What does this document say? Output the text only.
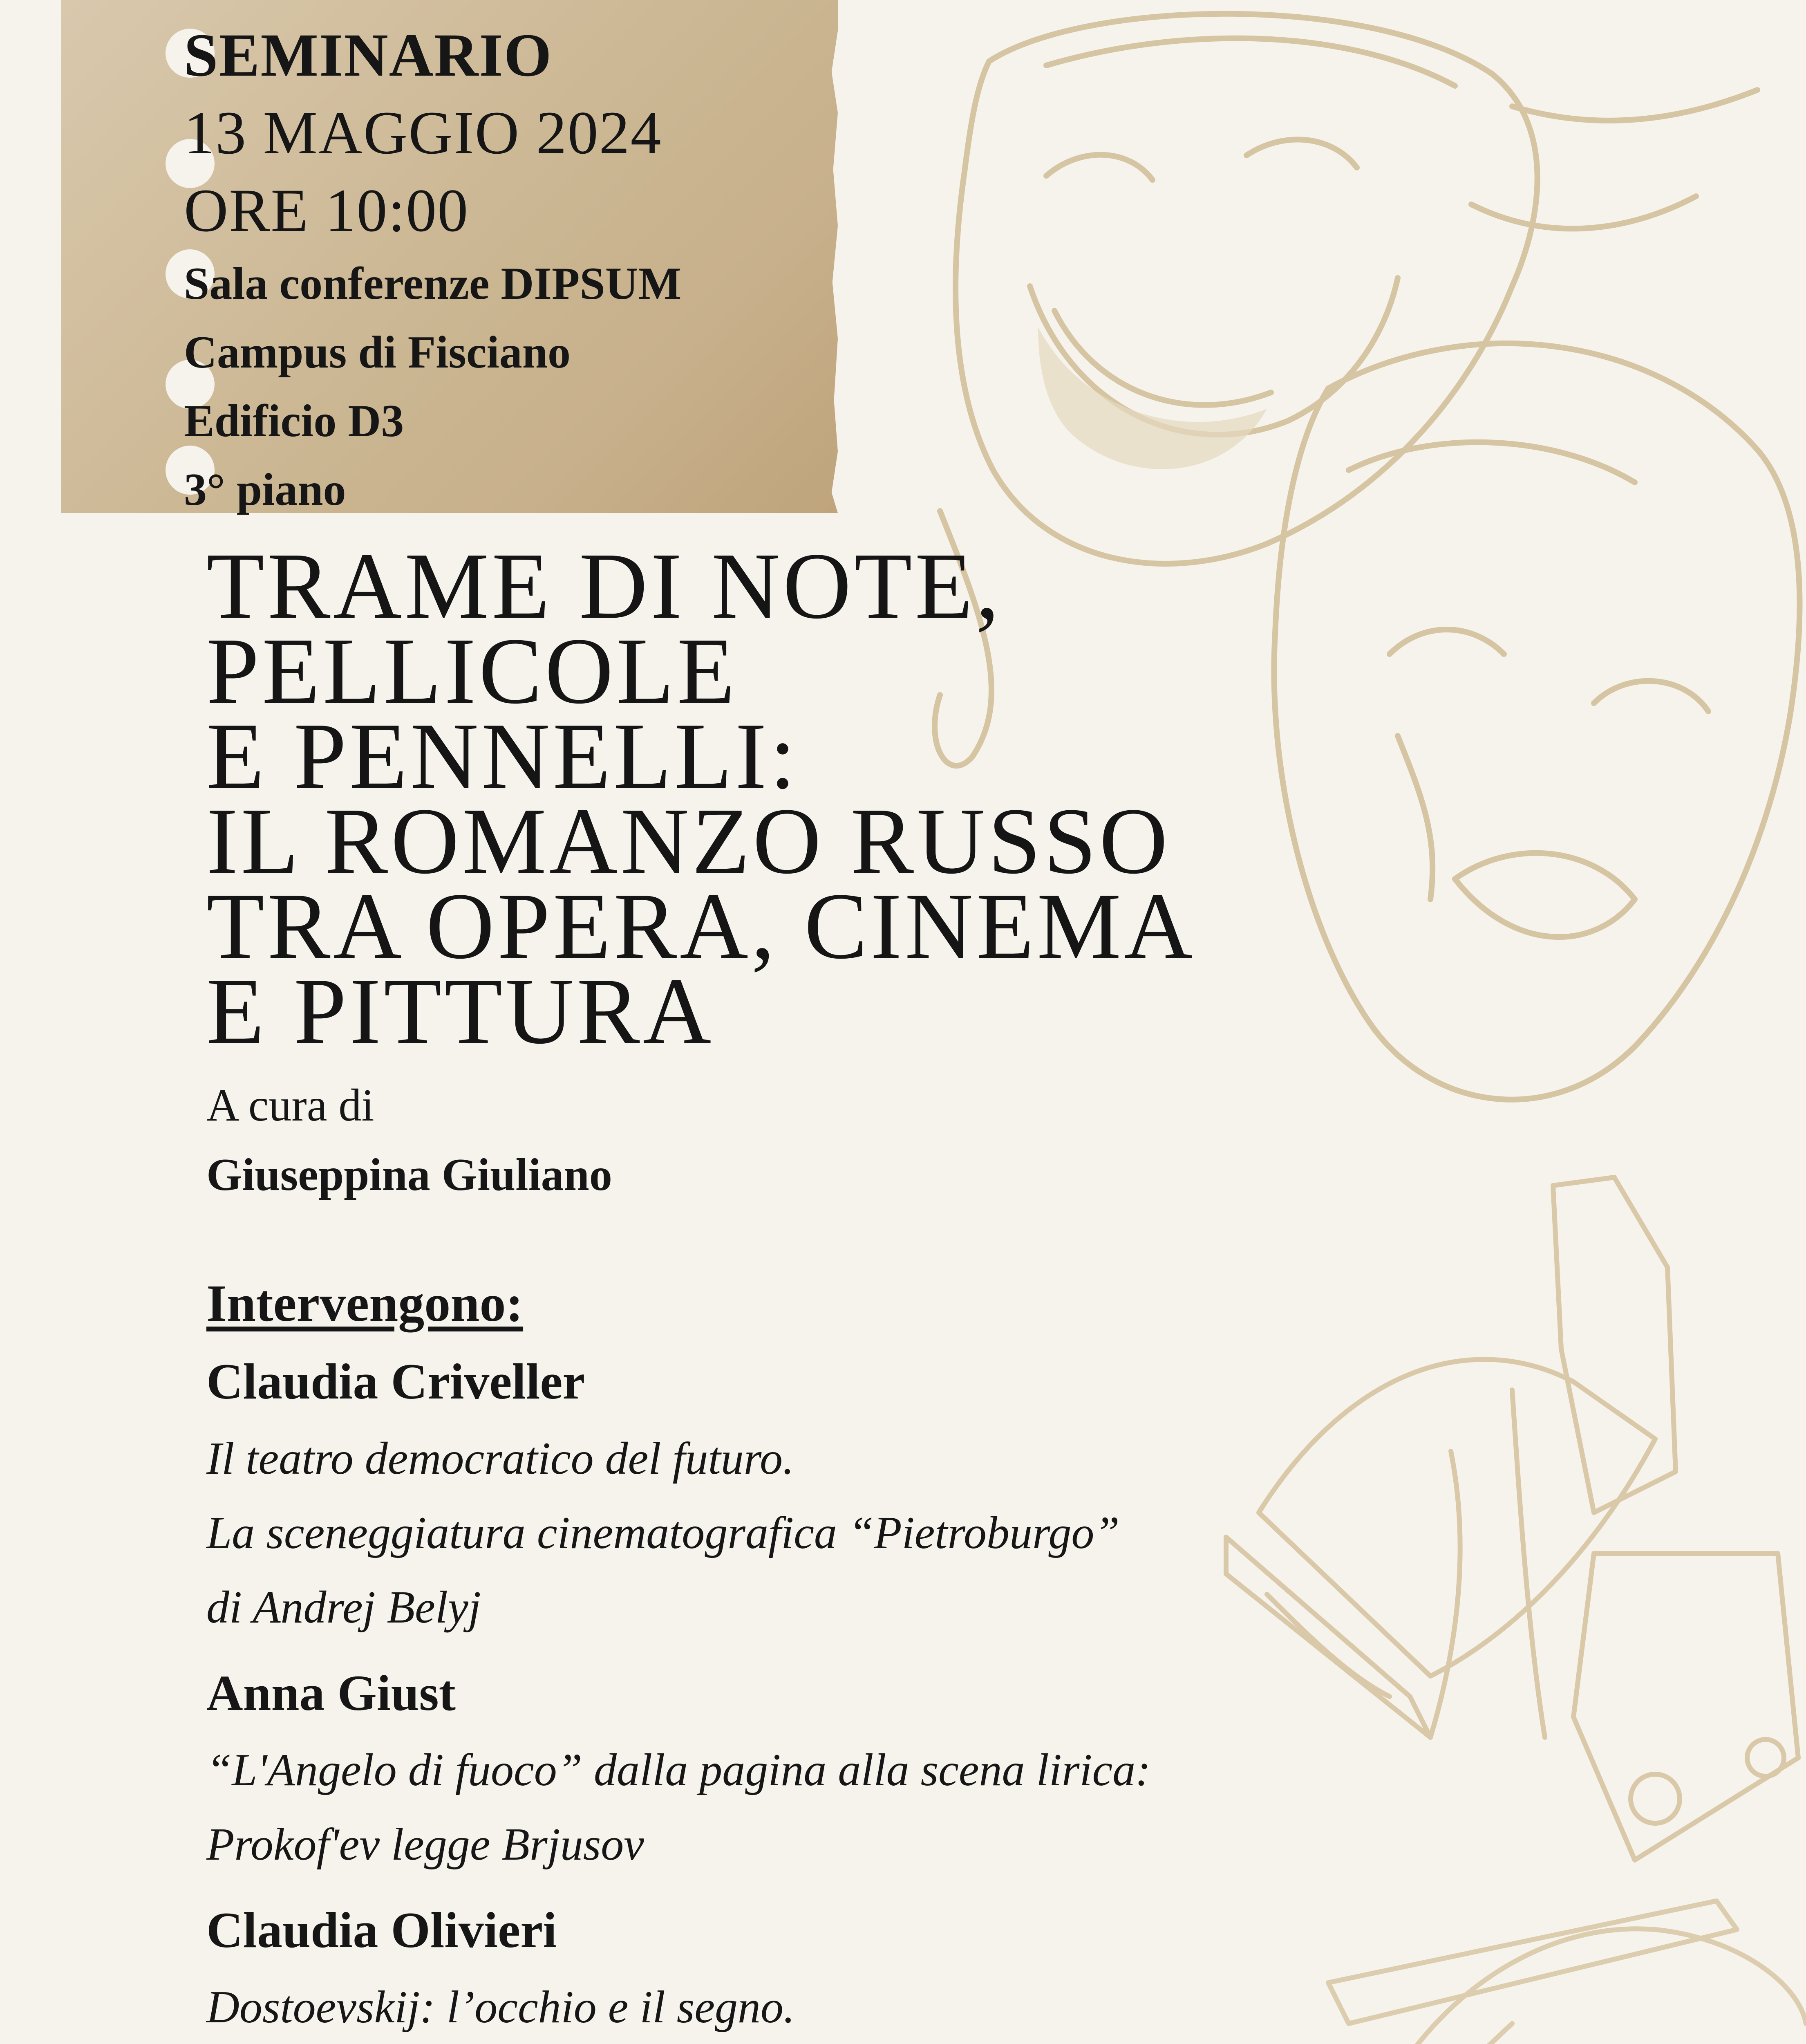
SEMINARIO
13 MAGGIO 2024
ORE 10:00
Sala conferenze DIPSUM
Campus di Fisciano
Edificio D3
3° piano
TRAME DI NOTE,
PELLICOLE
E PENNELLI:
IL ROMANZO RUSSO
TRA OPERA, CINEMA
E PITTURA
A cura di
Giuseppina Giuliano
Intervengono:
Claudia Criveller
Il teatro democratico del futuro.
La sceneggiatura cinematografica “Pietroburgo”
di Andrej Belyj
Anna Giust
“L'Angelo di fuoco” dalla pagina alla scena lirica:
Prokof'ev legge Brjusov
Claudia Olivieri
Dostoevskij: l’occhio e il segno.
